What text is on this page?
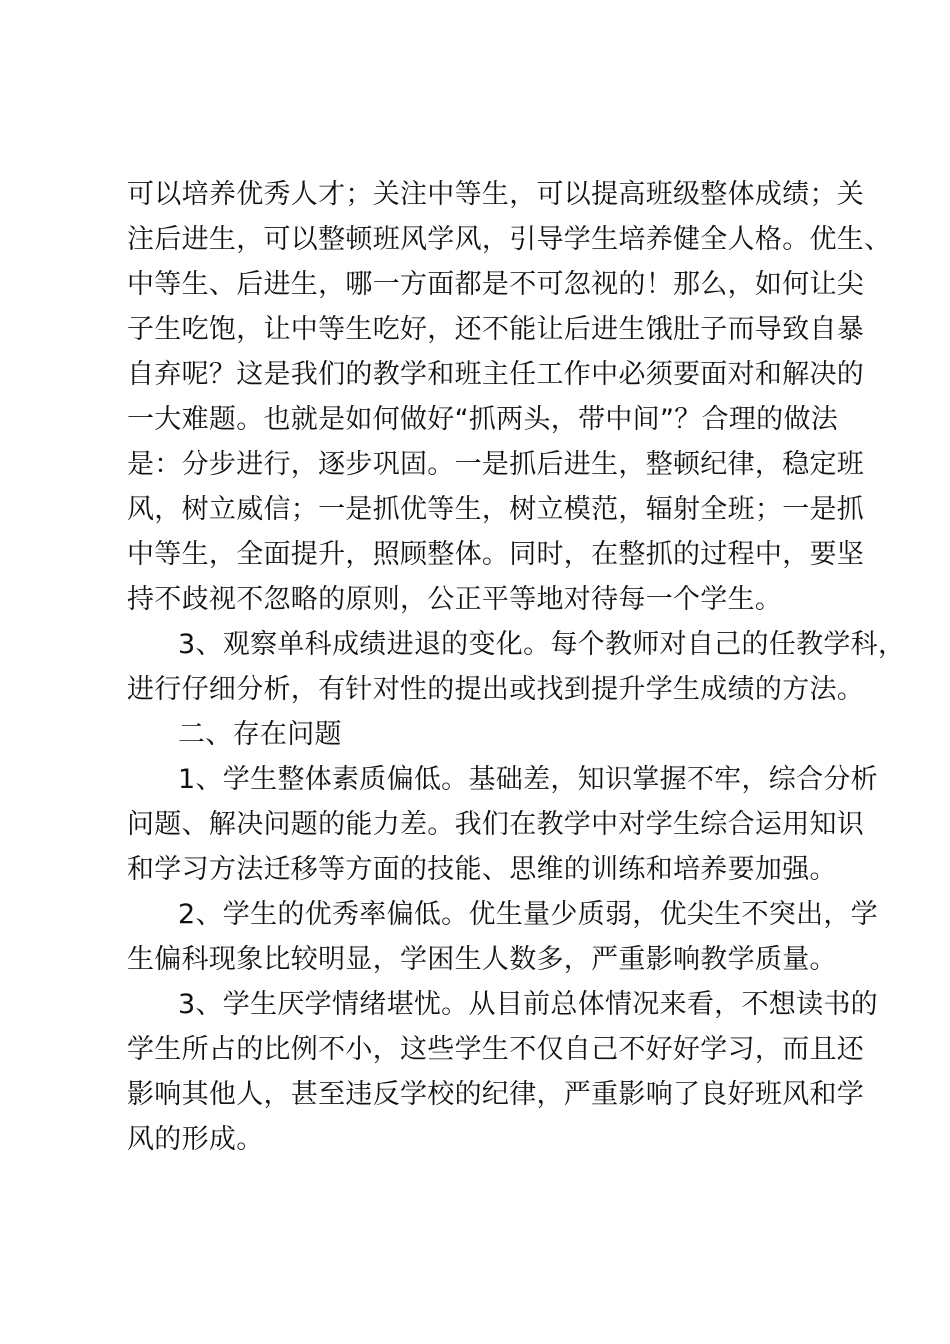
可以培养优秀人才；关注中等生，可以提高班级整体成绩；关
注后进生，可以整顿班风学风，引导学生培养健全人格。优生、
中等生、后进生，哪一方面都是不可忽视的！那么，如何让尖
子生吃饱，让中等生吃好，还不能让后进生饿肚子而导致自暴
自弃呢？这是我们的教学和班主任工作中必须要面对和解决的
一大难题。也就是如何做好“抓两头，带中间”？合理的做法
是：分步进行，逐步巩固。一是抓后进生，整顿纪律，稳定班
风，树立威信；一是抓优等生，树立模范，辐射全班；一是抓
中等生，全面提升，照顾整体。同时，在整抓的过程中，要坚
持不歧视不忽略的原则，公正平等地对待每一个学生。
3、观察单科成绩进退的变化。每个教师对自己的任教学科，
进行仔细分析，有针对性的提出或找到提升学生成绩的方法。
二、存在问题
1、学生整体素质偏低。基础差，知识掌握不牢，综合分析
问题、解决问题的能力差。我们在教学中对学生综合运用知识
和学习方法迁移等方面的技能、思维的训练和培养要加强。
2、学生的优秀率偏低。优生量少质弱，优尖生不突出，学
生偏科现象比较明显，学困生人数多，严重影响教学质量。
3、学生厌学情绪堪忧。从目前总体情况来看，不想读书的
学生所占的比例不小，这些学生不仅自己不好好学习，而且还
影响其他人，甚至违反学校的纪律，严重影响了良好班风和学
风的形成。
